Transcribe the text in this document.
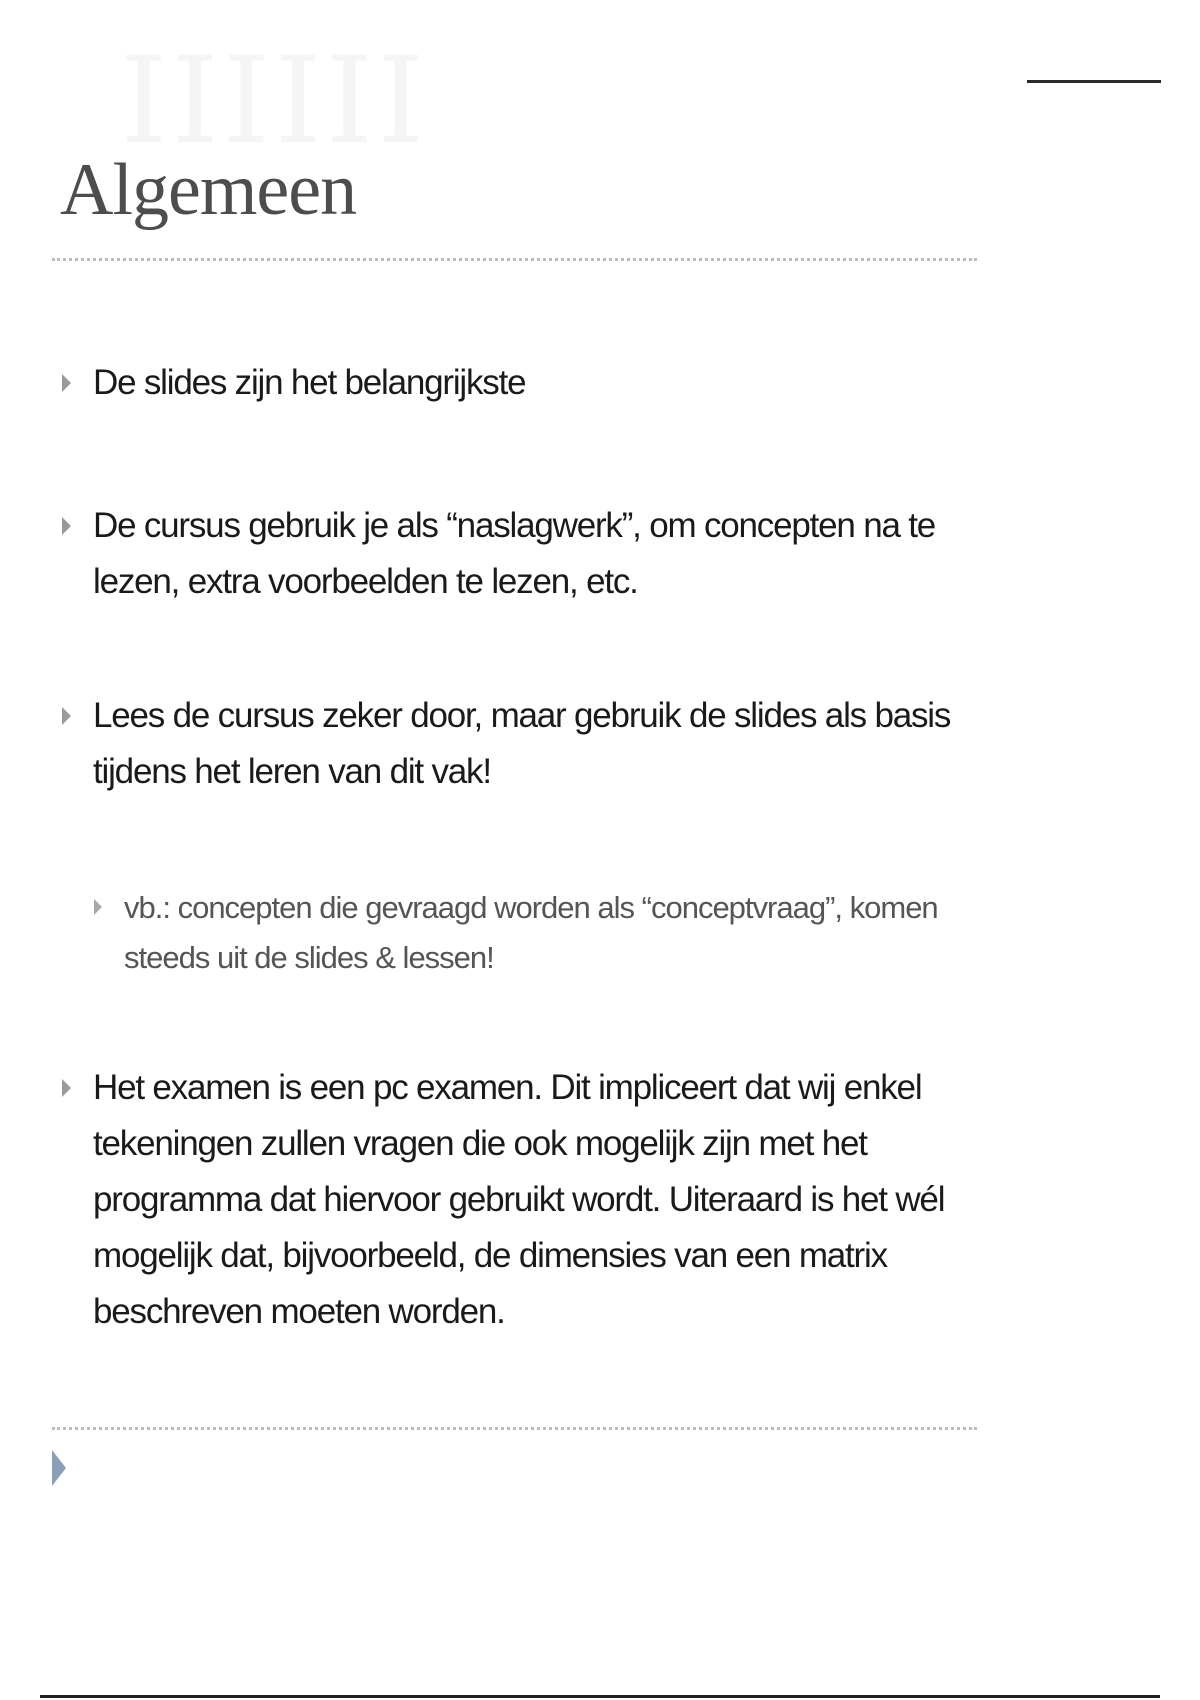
Algemeen
De slides zijn het belangrijkste
De cursus gebruik je als “naslagwerk”, om concepten na te lezen, extra voorbeelden te lezen, etc.
Lees de cursus zeker door, maar gebruik de slides als basis tijdens het leren van dit vak!
vb.: concepten die gevraagd worden als “conceptvraag”, komen steeds uit de slides & lessen!
Het examen is een pc examen. Dit impliceert dat wij enkel tekeningen zullen vragen die ook mogelijk zijn met het programma dat hiervoor gebruikt wordt. Uiteraard is het wél mogelijk dat, bijvoorbeeld, de dimensies van een matrix beschreven moeten worden.
